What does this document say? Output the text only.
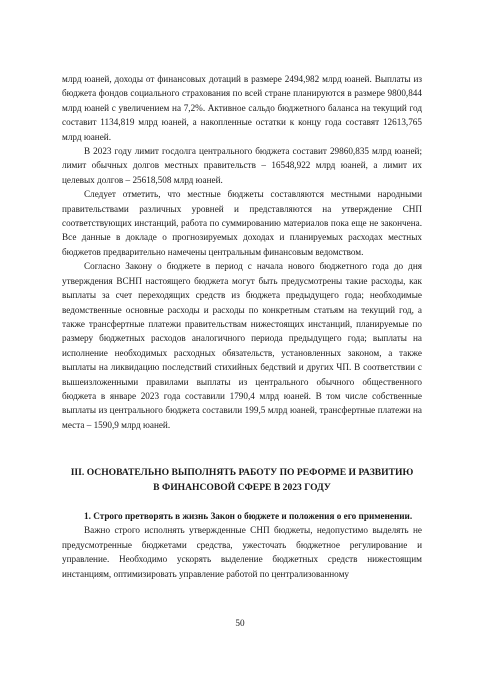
млрд юаней, доходы от финансовых дотаций в размере 2494,982 млрд юаней. Выплаты из бюджета фондов социального страхования по всей стране планируются в размере 9800,844 млрд юаней с увеличением на 7,2%. Активное сальдо бюджетного баланса на текущий год составит 1134,819 млрд юаней, а накопленные остатки к концу года составят 12613,765 млрд юаней.

В 2023 году лимит госдолга центрального бюджета составит 29860,835 млрд юаней; лимит обычных долгов местных правительств – 16548,922 млрд юаней, а лимит их целевых долгов – 25618,508 млрд юаней.

Следует отметить, что местные бюджеты составляются местными народными правительствами различных уровней и представляются на утверждение СНП соответствующих инстанций, работа по суммированию материалов пока еще не закончена. Все данные в докладе о прогнозируемых доходах и планируемых расходах местных бюджетов предварительно намечены центральным финансовым ведомством.

Согласно Закону о бюджете в период с начала нового бюджетного года до дня утверждения ВСНП настоящего бюджета могут быть предусмотрены такие расходы, как выплаты за счет переходящих средств из бюджета предыдущего года; необходимые ведомственные основные расходы и расходы по конкретным статьям на текущий год, а также трансфертные платежи правительствам нижестоящих инстанций, планируемые по размеру бюджетных расходов аналогичного периода предыдущего года; выплаты на исполнение необходимых расходных обязательств, установленных законом, а также выплаты на ликвидацию последствий стихийных бедствий и других ЧП. В соответствии с вышеизложенными правилами выплаты из центрального обычного общественного бюджета в январе 2023 года составили 1790,4 млрд юаней. В том числе собственные выплаты из центрального бюджета составили 199,5 млрд юаней, трансфертные платежи на места – 1590,9 млрд юаней.

III. ОСНОВАТЕЛЬНО ВЫПОЛНЯТЬ РАБОТУ ПО РЕФОРМЕ И РАЗВИТИЮ
В ФИНАНСОВОЙ СФЕРЕ В 2023 ГОДУ

1. Строго претворять в жизнь Закон о бюджете и положения о его применении.

Важно строго исполнять утвержденные СНП бюджеты, недопустимо выделять не предусмотренные бюджетами средства, ужесточать бюджетное регулирование и управление. Необходимо ускорять выделение бюджетных средств нижестоящим инстанциям, оптимизировать управление работой по централизованному

50
